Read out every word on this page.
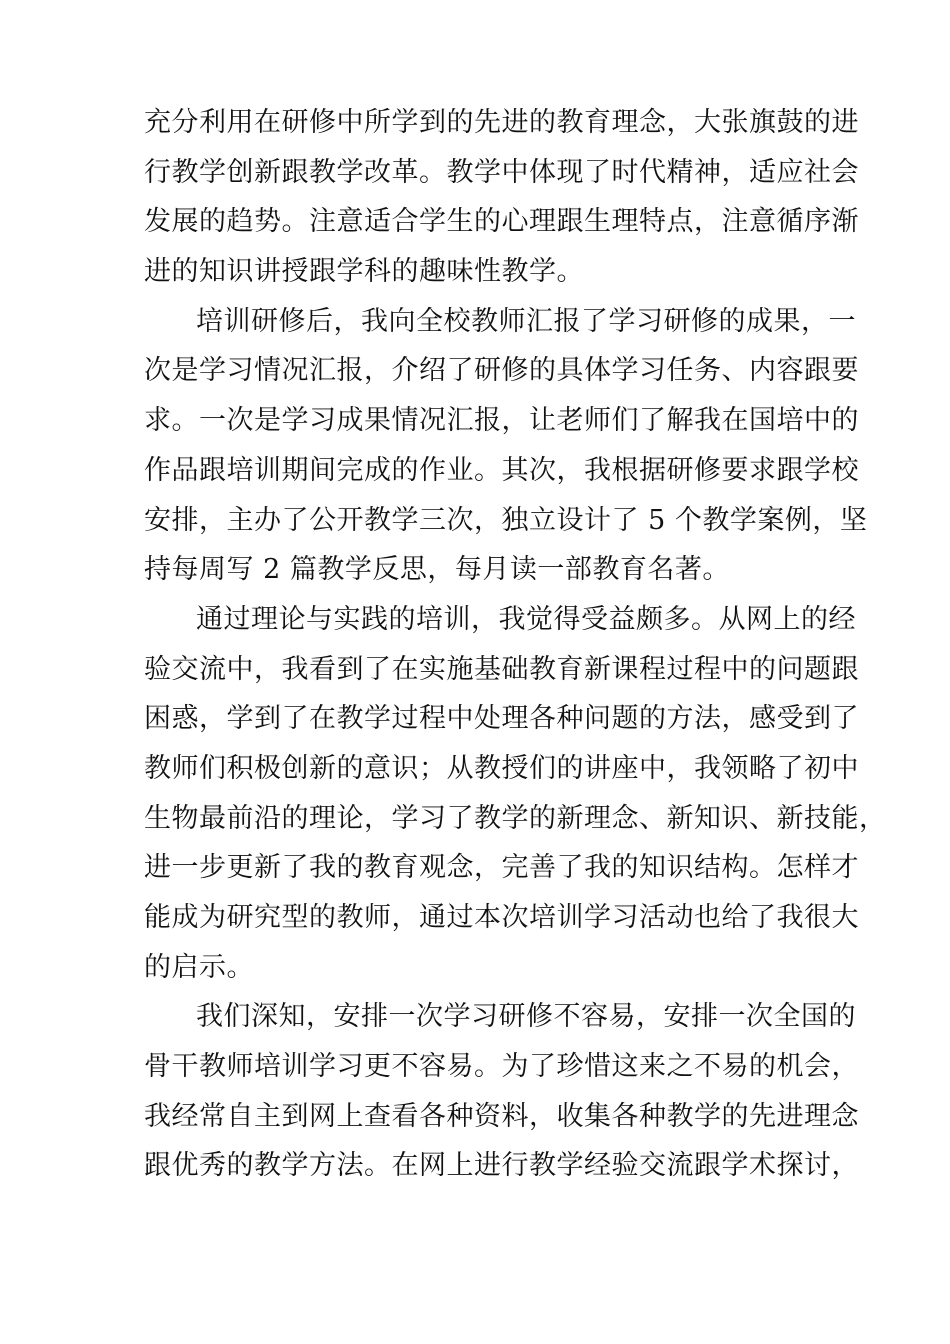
充分利用在研修中所学到的先进的教育理念，大张旗鼓的进
行教学创新跟教学改革。教学中体现了时代精神，适应社会
发展的趋势。注意适合学生的心理跟生理特点，注意循序渐
进的知识讲授跟学科的趣味性教学。
培训研修后，我向全校教师汇报了学习研修的成果，一
次是学习情况汇报，介绍了研修的具体学习任务、内容跟要
求。一次是学习成果情况汇报，让老师们了解我在国培中的
作品跟培训期间完成的作业。其次，我根据研修要求跟学校
安排，主办了公开教学三次，独立设计了 5 个教学案例，坚
持每周写 2 篇教学反思，每月读一部教育名著。
通过理论与实践的培训，我觉得受益颇多。从网上的经
验交流中，我看到了在实施基础教育新课程过程中的问题跟
困惑，学到了在教学过程中处理各种问题的方法，感受到了
教师们积极创新的意识；从教授们的讲座中，我领略了初中
生物最前沿的理论，学习了教学的新理念、新知识、新技能，
进一步更新了我的教育观念，完善了我的知识结构。怎样才
能成为研究型的教师，通过本次培训学习活动也给了我很大
的启示。
我们深知，安排一次学习研修不容易，安排一次全国的
骨干教师培训学习更不容易。为了珍惜这来之不易的机会，
我经常自主到网上查看各种资料，收集各种教学的先进理念
跟优秀的教学方法。在网上进行教学经验交流跟学术探讨，
